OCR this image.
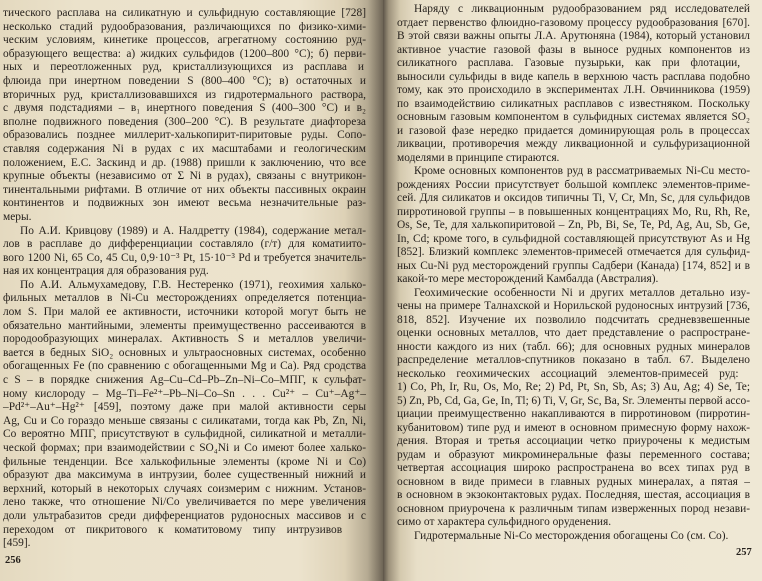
тического расплава на силикатную и сульфидную составляющие [728]
несколько стадий рудообразования, различающихся по физико-хими-
ческим условиям, кинетике процессов, агрегатному состоянию руд-
образующего вещества: а) жидких сульфидов (1200–800 °С); б) перви-
ных и переотложенных руд, кристаллизующихся из расплава и
флюида при инертном поведении S (800–400 °С); в) остаточных и
вторичных руд, кристаллизовавшихся из гидротермального раствора,
с двумя подстадиями – в₁ инертного поведения S (400–300 °С) и в₂
вполне подвижного поведения (300–200 °С). В результате диафтореза
образовались позднее миллерит-халькопирит-пиритовые руды. Сопо-
ставляя содержания Ni в рудах с их масштабами и геологическим
положением, Е.С. Заскинд и др. (1988) пришли к заключению, что все
крупные объекты (независимо от Σ Ni в рудах), связаны с внутрикон-
тинентальными рифтами. В отличие от них объекты пассивных окраин
континентов и подвижных зон имеют весьма незначительные раз-
меры.
По А.И. Кривцову (1989) и А. Налдретту (1984), содержание метал-
лов в расплаве до дифференциации составляло (г/т) для коматиито-
вого 1200 Ni, 65 Co, 45 Cu, 0,9·10⁻³ Pt, 15·10⁻³ Pd и требуется значитель-
ная их концентрация для образования руд.
По А.И. Альмухамедову, Г.В. Нестеренко (1971), геохимия халько-
фильных металлов в Ni-Cu месторождениях определяется потенциа-
лом S. При малой ее активности, источники которой могут быть не
обязательно мантийными, элементы преимущественно рассеиваются в
породообразующих минералах. Активность S и металлов увеличи-
вается в бедных SiO₂ основных и ультраосновных системах, особенно
обогащенных Fe (по сравнению с обогащенными Mg и Ca). Ряд сродства
с S – в порядке снижения Ag–Cu–Cd–Pb–Zn–Ni–Co–МПГ, к сульфат-
ному кислороду – Mg–Ti–Fe²⁺–Pb–Ni–Co–Sn . . . Cu²⁺ – Cu⁺–Ag⁺–
–Pd²⁺–Au⁺–Hg²⁺ [459], поэтому даже при малой активности серы
Ag, Cu и Co гораздо меньше связаны с силикатами, тогда как Pb, Zn, Ni,
Co вероятно МПГ, присутствуют в сульфидной, силикатной и металли-
ческой формах; при взаимодействии с SO₄Ni и Co имеют более халько-
фильные тенденции. Все халькофильные элементы (кроме Ni и Co)
образуют два максимума в интрузии, более существенный нижний и
верхний, который в некоторых случаях соизмерим с нижним. Установ-
лено также, что отношение Ni/Co увеличивается по мере увеличения
доли ультрабазитов среди дифференциатов рудоносных массивов и с
переходом от пикритового к коматитовому типу интрузивов
[459].
256
Наряду с ликвационным рудообразованием ряд исследователей
отдает первенство флюидно-газовому процессу рудообразования [670].
В этой связи важны опыты Л.А. Арутюняна (1984), который установил
активное участие газовой фазы в выносе рудных компонентов из
силикатного расплава. Газовые пузырьки, как при флотации,
выносили сульфиды в виде капель в верхнюю часть расплава подобно
тому, как это происходило в экспериментах Л.Н. Овчинникова (1959)
по взаимодействию силикатных расплавов с известняком. Поскольку
основным газовым компонентом в сульфидных системах является SO₂
и газовой фазе нередко придается доминирующая роль в процессах
ликвации, противоречия между ликвационной и сульфуризационной
моделями в принципе стираются.
Кроме основных компонентов руд в рассматриваемых Ni-Cu место-
рождениях России присутствует большой комплекс элементов-приме-
сей. Для силикатов и оксидов типичны Ti, V, Cr, Mn, Sc, для сульфидов
пирротиновой группы – в повышенных концентрациях Mo, Ru, Rh, Re,
Os, Se, Te, для халькопиритовой – Zn, Pb, Bi, Se, Te, Pd, Ag, Au, Sb, Ge,
In, Cd; кроме того, в сульфидной составляющей присутствуют As и Hg
[852]. Близкий комплекс элементов-примесей отмечается для сульфид-
ных Cu-Ni руд месторождений группы Садбери (Канада) [174, 852] и в
какой-то мере месторождений Камбалда (Австралия).
Геохимические особенности Ni и других металлов детально изу-
чены на примере Талнахской и Норильской рудоносных интрузий [736,
818, 852]. Изучение их позволило подсчитать средневзвешенные
оценки основных металлов, что дает представление о распростране-
нности каждого из них (табл. 66); для основных рудных минералов
распределение металлов-спутников показано в табл. 67. Выделено
несколько геохимических ассоциаций элементов-примесей руд:
1) Co, Ph, Ir, Ru, Os, Mo, Re; 2) Pd, Pt, Sn, Sb, As; 3) Au, Ag; 4) Se, Te;
5) Zn, Pb, Cd, Ga, Ge, In, Tl; 6) Ti, V, Gr, Sc, Ba, Sr. Элементы первой ассо-
циации преимущественно накапливаются в пирротиновом (пирротин-
кубанитовом) типе руд и имеют в основном примесную форму нахож-
дения. Вторая и третья ассоциации четко приурочены к медистым
рудам и образуют микроминеральные фазы переменного состава;
четвертая ассоциация широко распространена во всех типах руд в
основном в виде примеси в главных рудных минералах, а пятая –
в основном в экзоконтактовых рудах. Последняя, шестая, ассоциация в
основном приурочена к различным типам изверженных пород незави-
симо от характера сульфидного оруденения.
Гидротермальные Ni-Co месторождения обогащены Co (см. Co).
257
